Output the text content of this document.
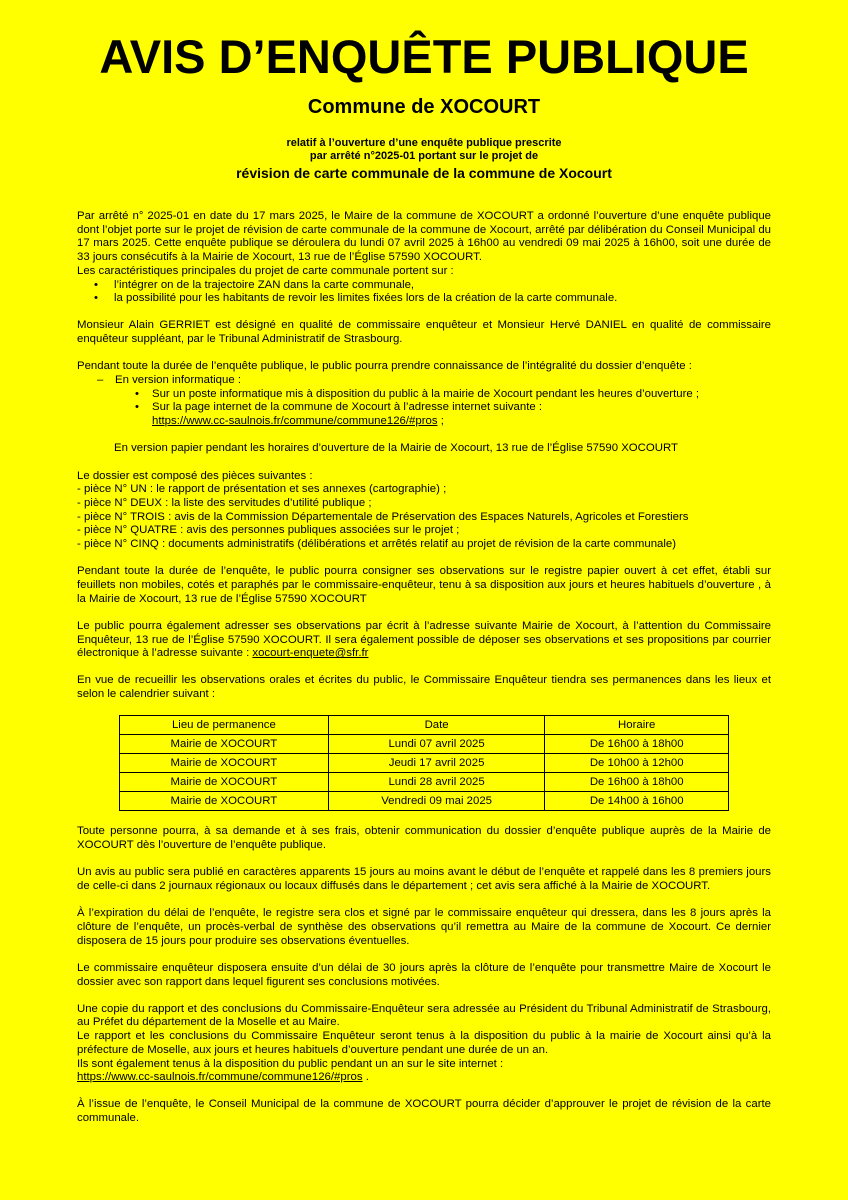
AVIS D’ENQUÊTE PUBLIQUE
Commune de XOCOURT
relatif à l’ouverture d’une enquête publique prescrite
par arrêté n°2025-01 portant sur le projet de
révision de carte communale de la commune de Xocourt

Par arrêté n° 2025-01 en date du 17 mars 2025, le Maire de la commune de XOCOURT a ordonné l’ouverture d’une enquête publique dont l’objet porte sur le projet de révision de carte communale de la commune de Xocourt, arrêté par délibération du Conseil Municipal du 17 mars 2025. Cette enquête publique se déroulera du lundi 07 avril 2025 à 16h00 au vendredi 09 mai 2025 à 16h00, soit une durée de 33 jours consécutifs à la Mairie de Xocourt, 13 rue de l’Église 57590 XOCOURT.
Les caractéristiques principales du projet de carte communale portent sur :

• l’intégrer on de la trajectoire ZAN dans la carte communale,
• la possibilité pour les habitants de revoir les limites fixées lors de la création de la carte communale.

Monsieur Alain GERRIET est désigné en qualité de commissaire enquêteur et Monsieur Hervé DANIEL en qualité de commissaire enquêteur suppléant, par le Tribunal Administratif de Strasbourg.

Pendant toute la durée de l’enquête publique, le public pourra prendre connaissance de l’intégralité du dossier d’enquête :

– En version informatique :
• Sur un poste informatique mis à disposition du public à la mairie de Xocourt pendant les heures d’ouverture ;
• Sur la page internet de la commune de Xocourt à l’adresse internet suivante :
https://www.cc-saulnois.fr/commune/commune126/#pros ;

En version papier pendant les horaires d’ouverture de la Mairie de Xocourt, 13 rue de l’Église 57590 XOCOURT

Le dossier est composé des pièces suivantes :
- pièce N° UN : le rapport de présentation et ses annexes (cartographie) ;
- pièce N° DEUX : la liste des servitudes d’utilité publique ;
- pièce N° TROIS : avis de la Commission Départementale de Préservation des Espaces Naturels, Agricoles et Forestiers
- pièce N° QUATRE : avis des personnes publiques associées sur le projet ;
- pièce N° CINQ : documents administratifs (délibérations et arrêtés relatif au projet de révision de la carte communale)

Pendant toute la durée de l’enquête, le public pourra consigner ses observations sur le registre papier ouvert à cet effet, établi sur feuillets non mobiles, cotés et paraphés par le commissaire-enquêteur, tenu à sa disposition aux jours et heures habituels d’ouverture , à la Mairie de Xocourt, 13 rue de l’Église 57590 XOCOURT

Le public pourra également adresser ses observations par écrit à l’adresse suivante Mairie de Xocourt, à l’attention du Commissaire Enquêteur, 13 rue de l’Église 57590 XOCOURT. Il sera également possible de déposer ses observations et ses propositions par courrier électronique à l’adresse suivante : xocourt-enquete@sfr.fr

En vue de recueillir les observations orales et écrites du public, le Commissaire Enquêteur tiendra ses permanences dans les lieux et selon le calendrier suivant :

Lieu de permanence	Date	Horaire
Mairie de XOCOURT	Lundi 07 avril 2025	De 16h00 à 18h00
Mairie de XOCOURT	Jeudi 17 avril 2025	De 10h00 à 12h00
Mairie de XOCOURT	Lundi 28 avril 2025	De 16h00 à 18h00
Mairie de XOCOURT	Vendredi 09 mai 2025	De 14h00 à 16h00

Toute personne pourra, à sa demande et à ses frais, obtenir communication du dossier d’enquête publique auprès de la Mairie de XOCOURT dès l’ouverture de l’enquête publique.

Un avis au public sera publié en caractères apparents 15 jours au moins avant le début de l’enquête et rappelé dans les 8 premiers jours de celle-ci dans 2 journaux régionaux ou locaux diffusés dans le département ; cet avis sera affiché à la Mairie de XOCOURT.

À l’expiration du délai de l’enquête, le registre sera clos et signé par le commissaire enquêteur qui dressera, dans les 8 jours après la clôture de l’enquête, un procès-verbal de synthèse des observations qu’il remettra au Maire de la commune de Xocourt. Ce dernier disposera de 15 jours pour produire ses observations éventuelles.

Le commissaire enquêteur disposera ensuite d’un délai de 30 jours après la clôture de l’enquête pour transmettre Maire de Xocourt le dossier avec son rapport dans lequel figurent ses conclusions motivées.

Une copie du rapport et des conclusions du Commissaire-Enquêteur sera adressée au Président du Tribunal Administratif de Strasbourg, au Préfet du département de la Moselle et au Maire.
Le rapport et les conclusions du Commissaire Enquêteur seront tenus à la disposition du public à la mairie de Xocourt ainsi qu’à la préfecture de Moselle, aux jours et heures habituels d’ouverture pendant une durée de un an.
Ils sont également tenus à la disposition du public pendant un an sur le site internet :
https://www.cc-saulnois.fr/commune/commune126/#pros .

À l’issue de l’enquête, le Conseil Municipal de la commune de XOCOURT pourra décider d’approuver le projet de révision de la carte communale.
